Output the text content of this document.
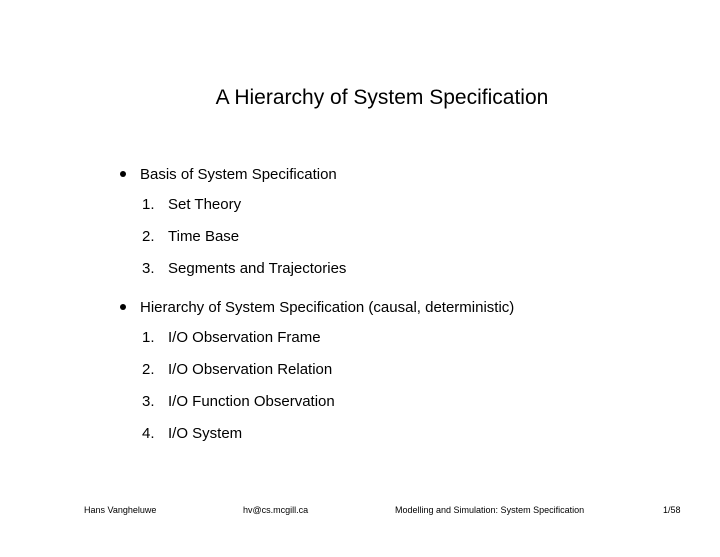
A Hierarchy of System Specification
Basis of System Specification
1. Set Theory
2. Time Base
3. Segments and Trajectories
Hierarchy of System Specification (causal, deterministic)
1. I/O Observation Frame
2. I/O Observation Relation
3. I/O Function Observation
4. I/O System
Hans Vangheluwe	hv@cs.mcgill.ca	Modelling and Simulation: System Specification	1/58
